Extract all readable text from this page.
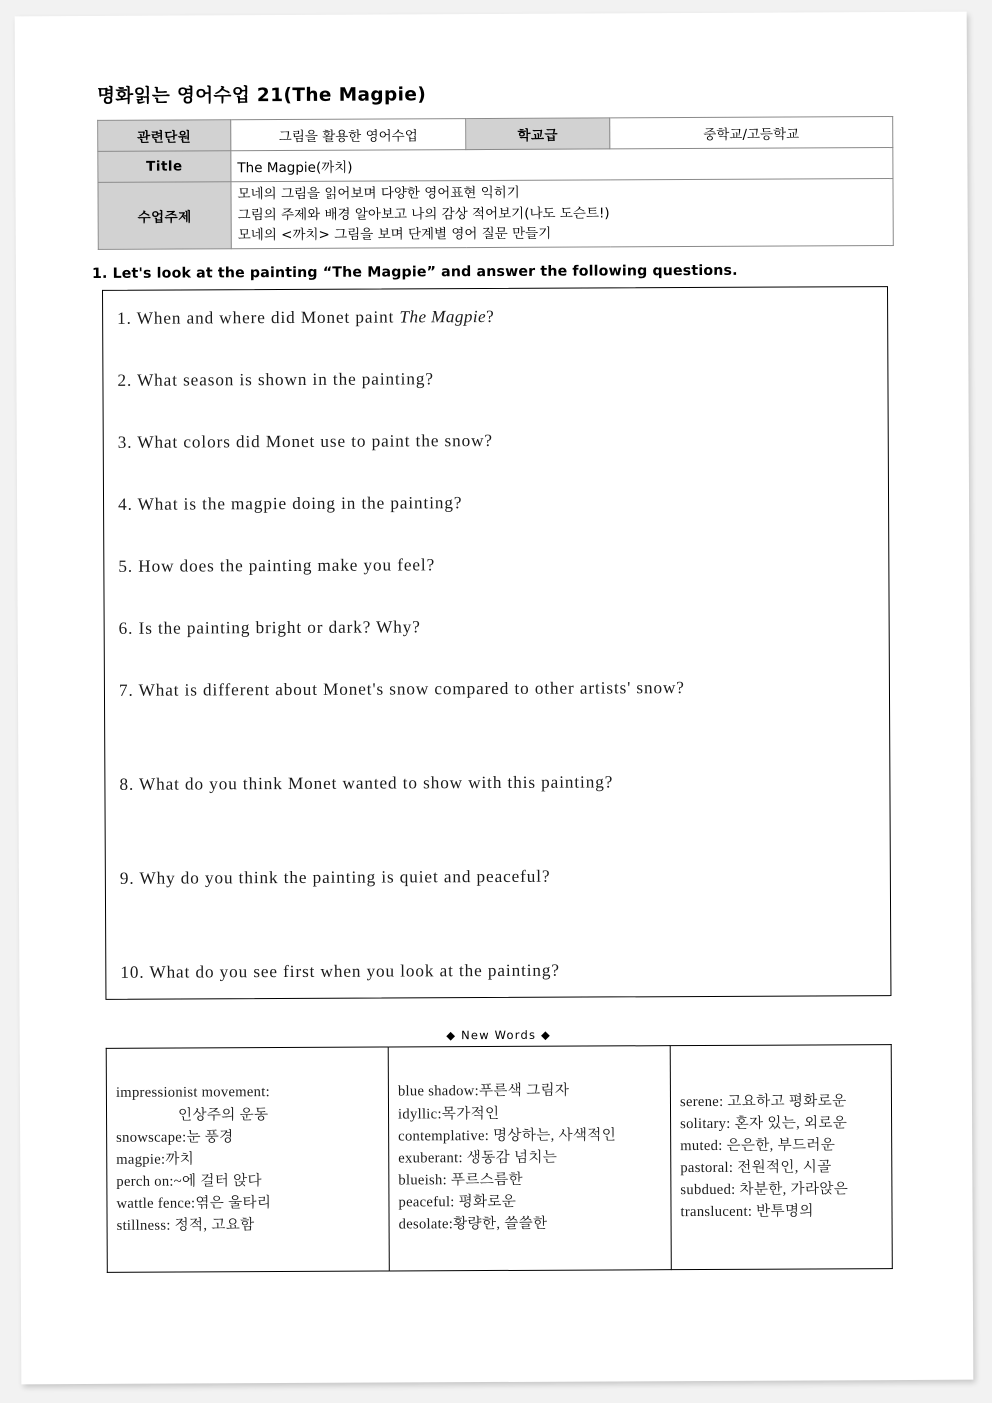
명화읽는 영어수업 21(The Magpie)
관련단원	그림을 활용한 영어수업	학교급	중학교/고등학교
Title	The Magpie(까치)		
수업주제	모네의 그림을 읽어보며 다양한 영어표현 익히기
그림의 주제와 배경 알아보고 나의 감상 적어보기(나도 도슨트!)
모네의 <까치> 그림을 보며 단계별 영어 질문 만들기		
1. Let's look at the painting “The Magpie” and answer the following questions.
1. When and where did Monet paint The Magpie?
2. What season is shown in the painting?
3. What colors did Monet use to paint the snow?
4. What is the magpie doing in the painting?
5. How does the painting make you feel?
6. Is the painting bright or dark? Why?
7. What is different about Monet's snow compared to other artists' snow?
8. What do you think Monet wanted to show with this painting?
9. Why do you think the painting is quiet and peaceful?
10. What do you see first when you look at the painting?
◆ New Words ◆
impressionist movement:
인상주의 운동
snowscape:눈 풍경
magpie:까치
perch on:~에 걸터 앉다
wattle fence:엮은 울타리
stillness: 정적, 고요함

blue shadow:푸른색 그림자
idyllic:목가적인
contemplative: 명상하는, 사색적인
exuberant: 생동감 넘치는
blueish: 푸르스름한
peaceful: 평화로운
desolate:황량한, 쓸쓸한

serene: 고요하고 평화로운
solitary: 혼자 있는, 외로운
muted: 은은한, 부드러운
pastoral: 전원적인, 시골
subdued: 차분한, 가라앉은
translucent: 반투명의
